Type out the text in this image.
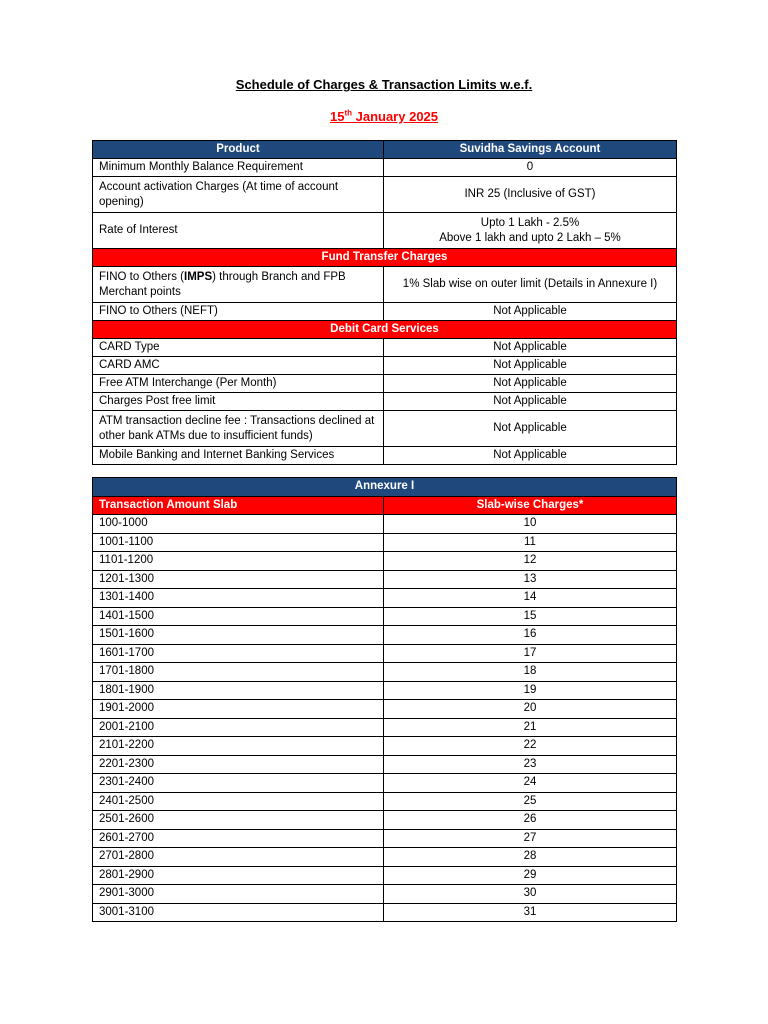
Schedule of Charges & Transaction Limits w.e.f.
15th January 2025
Product	Suvidha Savings Account
Minimum Monthly Balance Requirement	0
Account activation Charges (At time of account opening)	INR 25 (Inclusive of GST)
Rate of Interest	Upto 1 Lakh - 2.5%
Above 1 lakh and upto 2 Lakh – 5%

Fund Transfer Charges	
FINO to Others (IMPS) through Branch and FPB Merchant points	1% Slab wise on outer limit (Details in Annexure I)
FINO to Others (NEFT)	Not Applicable
Debit Card Services	
CARD Type	Not Applicable
CARD AMC	Not Applicable
Free ATM Interchange (Per Month)	Not Applicable
Charges Post free limit	Not Applicable
ATM transaction decline fee : Transactions declined at other bank ATMs due to insufficient funds)	Not Applicable
Mobile Banking and Internet Banking Services	Not Applicable
Annexure I	
Transaction Amount Slab	Slab-wise Charges*
100-1000	10
1001-1100	11
1101-1200	12
1201-1300	13
1301-1400	14
1401-1500	15
1501-1600	16
1601-1700	17
1701-1800	18
1801-1900	19
1901-2000	20
2001-2100	21
2101-2200	22
2201-2300	23
2301-2400	24
2401-2500	25
2501-2600	26
2601-2700	27
2701-2800	28
2801-2900	29
2901-3000	30
3001-3100	31
